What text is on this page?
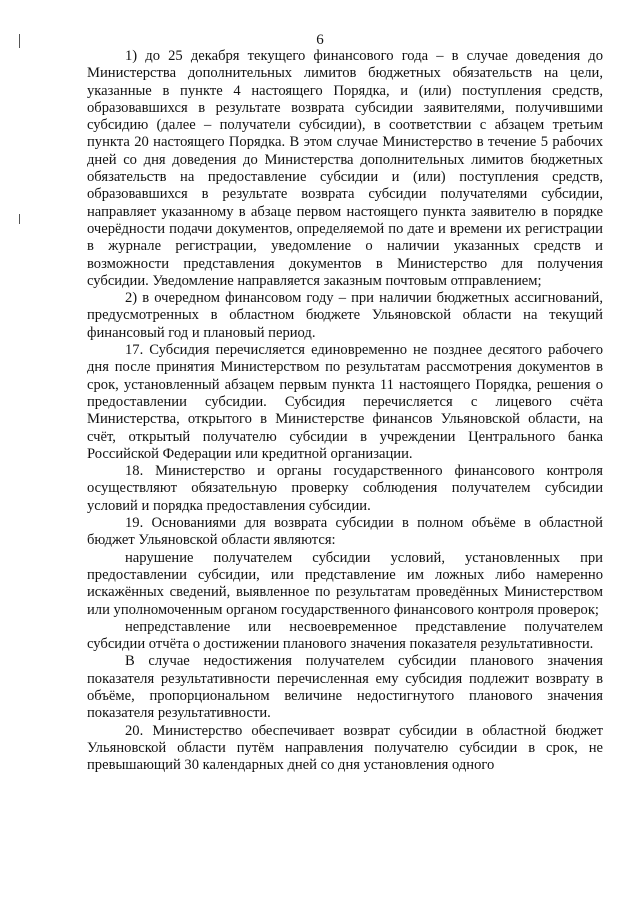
6

1) до 25 декабря текущего финансового года – в случае доведения до Министерства дополнительных лимитов бюджетных обязательств на цели, указанные в пункте 4 настоящего Порядка, и (или) поступления средств, образовавшихся в результате возврата субсидии заявителями, получившими субсидию (далее – получатели субсидии), в соответствии с абзацем третьим пункта 20 настоящего Порядка. В этом случае Министерство в течение 5 рабочих дней со дня доведения до Министерства дополнительных лимитов бюджетных обязательств на предоставление субсидии и (или) поступления средств, образовавшихся в результате возврата субсидии получателями субсидии, направляет указанному в абзаце первом настоящего пункта заявителю в порядке очерёдности подачи документов, определяемой по дате и времени их регистрации в журнале регистрации, уведомление о наличии указанных средств и возможности представления документов в Министерство для получения субсидии. Уведомление направляется заказным почтовым отправлением;

2) в очередном финансовом году – при наличии бюджетных ассигнований, предусмотренных в областном бюджете Ульяновской области на текущий финансовый год и плановый период.

17. Субсидия перечисляется единовременно не позднее десятого рабочего дня после принятия Министерством по результатам рассмотрения документов в срок, установленный абзацем первым пункта 11 настоящего Порядка, решения о предоставлении субсидии. Субсидия перечисляется с лицевого счёта Министерства, открытого в Министерстве финансов Ульяновской области, на счёт, открытый получателю субсидии в учреждении Центрального банка Российской Федерации или кредитной организации.

18. Министерство и органы государственного финансового контроля осуществляют обязательную проверку соблюдения получателем субсидии условий и порядка предоставления субсидии.

19. Основаниями для возврата субсидии в полном объёме в областной бюджет Ульяновской области являются:

нарушение получателем субсидии условий, установленных при предоставлении субсидии, или представление им ложных либо намеренно искажённых сведений, выявленное по результатам проведённых Министерством или уполномоченным органом государственного финансового контроля проверок;

непредставление или несвоевременное представление получателем субсидии отчёта о достижении планового значения показателя результативности.

В случае недостижения получателем субсидии планового значения показателя результативности перечисленная ему субсидия подлежит возврату в объёме, пропорциональном величине недостигнутого планового значения показателя результативности.

20. Министерство обеспечивает возврат субсидии в областной бюджет Ульяновской области путём направления получателю субсидии в срок, не превышающий 30 календарных дней со дня установления одного
